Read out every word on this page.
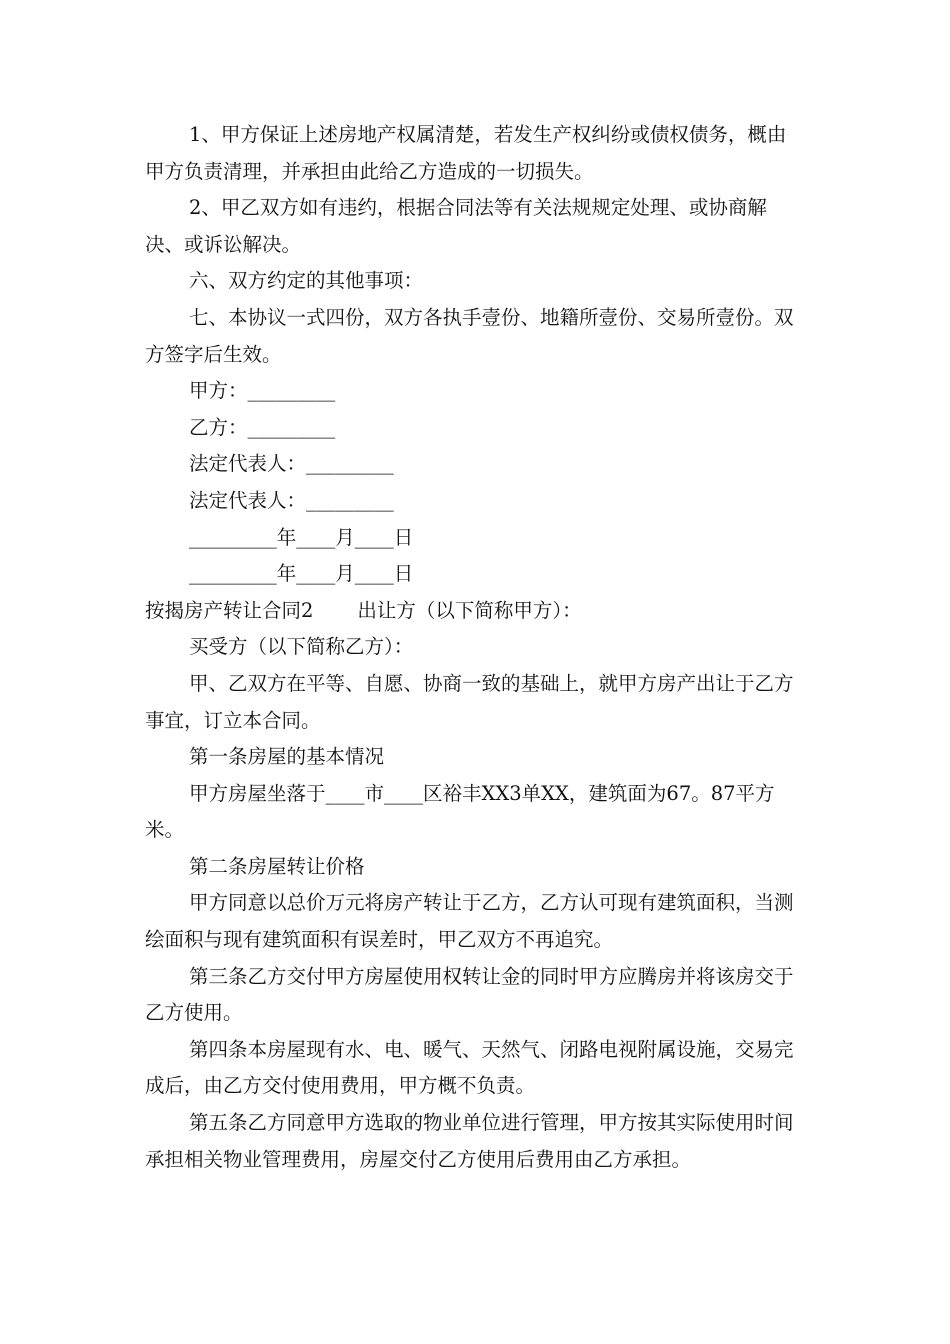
1、甲方保证上述房地产权属清楚，若发生产权纠纷或债权债务，概由甲方负责清理，并承担由此给乙方造成的一切损失。

2、甲乙双方如有违约，根据合同法等有关法规规定处理、或协商解决、或诉讼解决。

六、双方约定的其他事项：

七、本协议一式四份，双方各执手壹份、地籍所壹份、交易所壹份。双方签字后生效。

甲方：_________

乙方：_________

法定代表人：_________

法定代表人：_________

_________年____月____日

_________年____月____日

按揭房产转让合同2 出让方（以下简称甲方）：

买受方（以下简称乙方）：

甲、乙双方在平等、自愿、协商一致的基础上，就甲方房产出让于乙方事宜，订立本合同。

第一条房屋的基本情况

甲方房屋坐落于____市____区裕丰XX3单XX，建筑面为67。87平方米。

第二条房屋转让价格

甲方同意以总价万元将房产转让于乙方，乙方认可现有建筑面积，当测绘面积与现有建筑面积有误差时，甲乙双方不再追究。

第三条乙方交付甲方房屋使用权转让金的同时甲方应腾房并将该房交于乙方使用。

第四条本房屋现有水、电、暖气、天然气、闭路电视附属设施，交易完成后，由乙方交付使用费用，甲方概不负责。

第五条乙方同意甲方选取的物业单位进行管理，甲方按其实际使用时间承担相关物业管理费用，房屋交付乙方使用后费用由乙方承担。
